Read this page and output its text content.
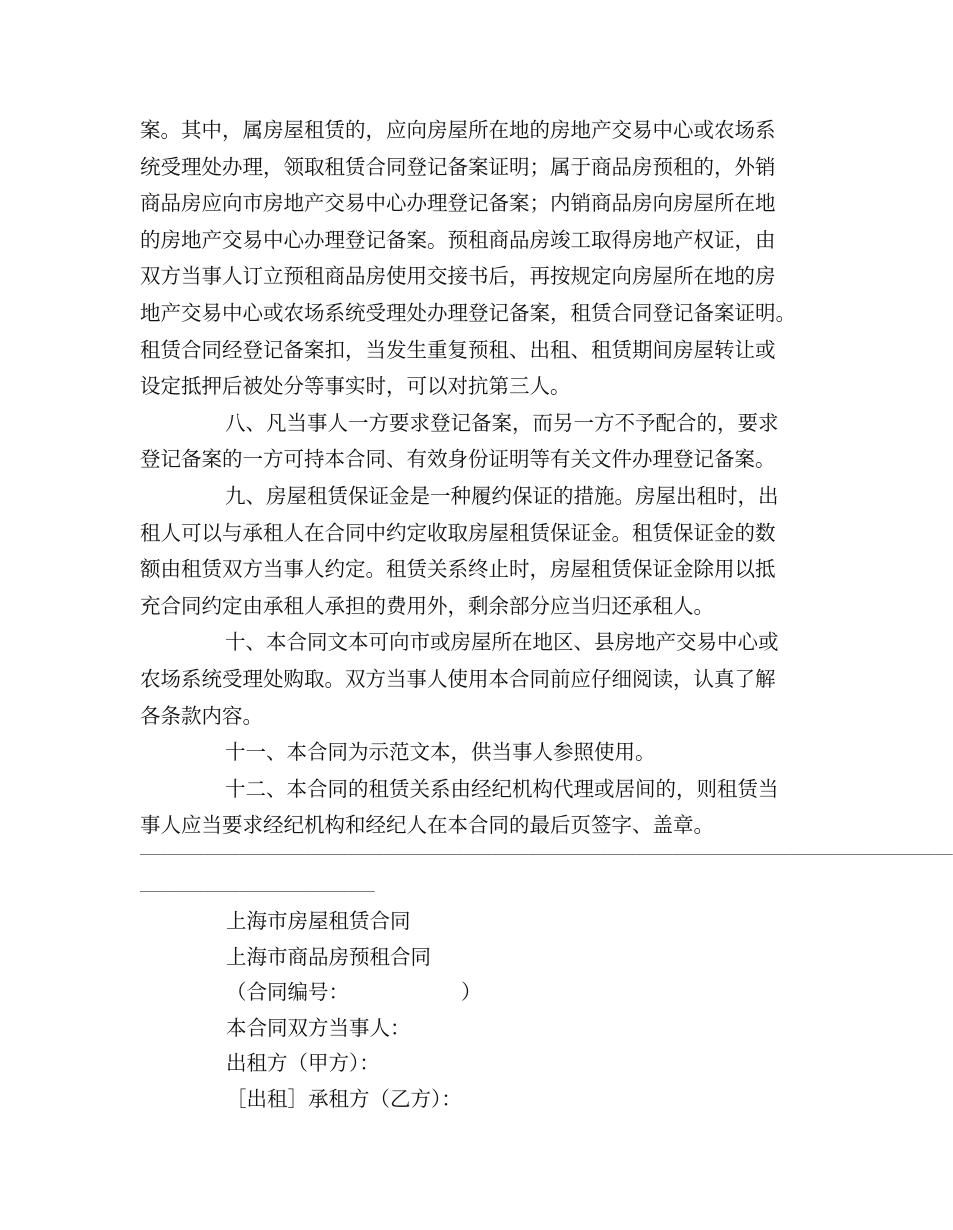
案。其中，属房屋租赁的，应向房屋所在地的房地产交易中心或农场系
统受理处办理，领取租赁合同登记备案证明；属于商品房预租的，外销
商品房应向市房地产交易中心办理登记备案；内销商品房向房屋所在地
的房地产交易中心办理登记备案。预租商品房竣工取得房地产权证，由
双方当事人订立预租商品房使用交接书后，再按规定向房屋所在地的房
地产交易中心或农场系统受理处办理登记备案，租赁合同登记备案证明。
租赁合同经登记备案扣，当发生重复预租、出租、租赁期间房屋转让或
设定抵押后被处分等事实时，可以对抗第三人。
八、凡当事人一方要求登记备案，而另一方不予配合的，要求
登记备案的一方可持本合同、有效身份证明等有关文件办理登记备案。
九、房屋租赁保证金是一种履约保证的措施。房屋出租时，出
租人可以与承租人在合同中约定收取房屋租赁保证金。租赁保证金的数
额由租赁双方当事人约定。租赁关系终止时，房屋租赁保证金除用以抵
充合同约定由承租人承担的费用外，剩余部分应当归还承租人。
十、本合同文本可向市或房屋所在地区、县房地产交易中心或
农场系统受理处购取。双方当事人使用本合同前应仔细阅读，认真了解
各条款内容。
十一、本合同为示范文本，供当事人参照使用。
十二、本合同的租赁关系由经纪机构代理或居间的，则租赁当
事人应当要求经纪机构和经纪人在本合同的最后页签字、盖章。
__________________________________________________________________________________________
__________________________
上海市房屋租赁合同
上海市商品房预租合同
（合同编号：	）
本合同双方当事人：
出租方（甲方）：
［出租］承租方（乙方）：
